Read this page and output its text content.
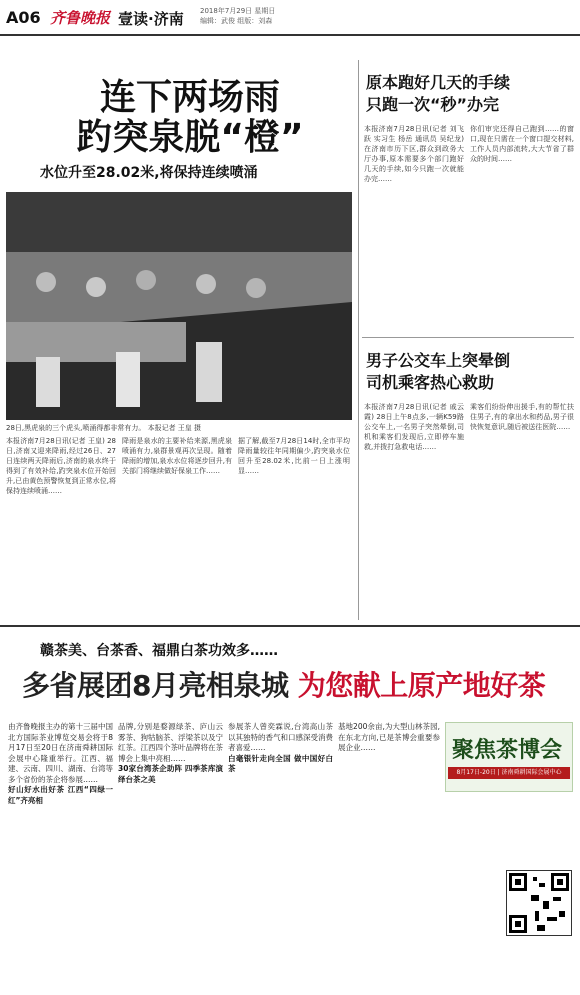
A06 齐鲁晚报 壹读·济南 2018年7月29日 星期日
编辑：武俊 组版：刘森
连下两场雨
趵突泉脱“橙”
水位升至28.02米,将保持连续喷涌
28日,黑虎泉的三个虎头,喷涌得都非常有力。 本报记者 王皇 摄
本报济南7月28日讯(记者 王皇) 28日,济南又迎来降雨,经过26日、27日连续两天降雨后,济南的泉水终于得到了有效补给,趵突泉水位开始回升,已由黄色预警恢复到正常水位,将保持连续喷涌……
降雨是泉水的主要补给来源,黑虎泉喷涌有力,泉群景观再次呈现。随着降雨的增加,泉水水位将逐步回升,有关部门将继续做好保泉工作……
据了解,截至7月28日14时,全市平均降雨量较往年同期偏少,趵突泉水位回升至28.02米,比前一日上涨明显……
原本跑好几天的手续
只跑一次“秒”办完
本报济南7月28日讯(记者 刘飞跃 实习生 杨岳 通讯员 吴纪龙) 在济南市历下区,群众到政务大厅办事,原本需要多个部门跑好几天的手续,如今只跑一次就能办完……
你们审完还得自己跑到……的窗口,现在只需在一个窗口提交材料,工作人员内部流转,大大节省了群众的时间……
男子公交车上突晕倒
司机乘客热心救助
本报济南7月28日讯(记者 戚云霞) 28日上午8点多,一辆K59路公交车上,一名男子突然晕倒,司机和乘客们发现后,立即停车施救,并拨打急救电话……
乘客们纷纷伸出援手,有的帮忙扶住男子,有的拿出水和药品,男子很快恢复意识,随后被送往医院……
赣茶美、台茶香、福鼎白茶功效多……
多省展团8月亮相泉城 为您献上原产地好茶
由齐鲁晚报主办的第十三届中国北方国际茶业博览交易会将于8月17日至20日在济南舜耕国际会展中心隆重举行。江西、福建、云南、四川、湖南、台湾等多个省份的茶企将参展……
好山好水出好茶 江西“四绿一红”齐亮相
品牌,分别是婺源绿茶、庐山云雾茶、狗牯脑茶、浮梁茶以及宁红茶。江西四个茶叶品牌将在茶博会上集中亮相……
30家台湾茶企助阵 四季茶库演绎台茶之美
参展茶人曾奕霖说,台湾高山茶以其独特的香气和口感深受消费者喜爱……
白毫银针走向全国 做中国好白茶
基地200余亩,为大型山林茶园,在东北方向,已是茶博会重要参展企业……	聚焦茶博会
8月17日-20日 | 济南舜耕国际会展中心
